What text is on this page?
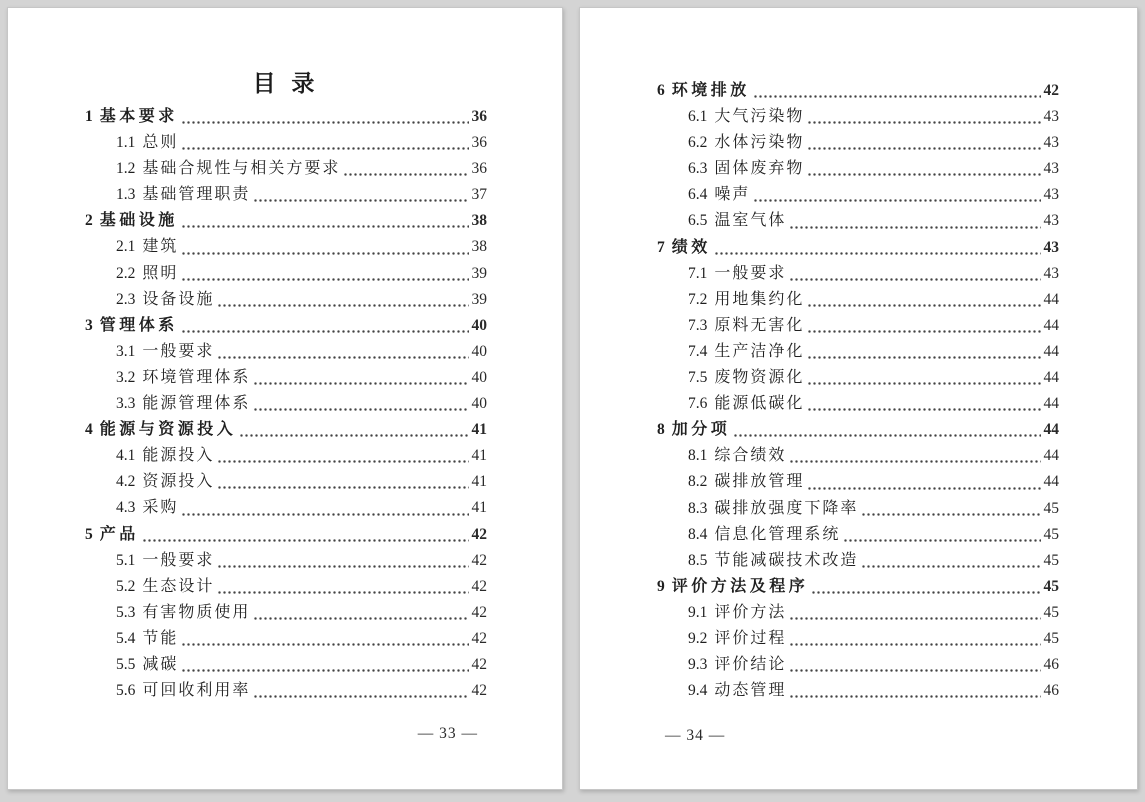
目 录
1 基本要求	36
1.1 总则	36
1.2 基础合规性与相关方要求	36
1.3 基础管理职责	37
2 基础设施	38
2.1 建筑	38
2.2 照明	39
2.3 设备设施	39
3 管理体系	40
3.1 一般要求	40
3.2 环境管理体系	40
3.3 能源管理体系	40
4 能源与资源投入	41
4.1 能源投入	41
4.2 资源投入	41
4.3 采购	41
5 产品	42
5.1 一般要求	42
5.2 生态设计	42
5.3 有害物质使用	42
5.4 节能	42
5.5 减碳	42
5.6 可回收利用率	42
— 33 —
6 环境排放	42
6.1 大气污染物	43
6.2 水体污染物	43
6.3 固体废弃物	43
6.4 噪声	43
6.5 温室气体	43
7 绩效	43
7.1 一般要求	43
7.2 用地集约化	44
7.3 原料无害化	44
7.4 生产洁净化	44
7.5 废物资源化	44
7.6 能源低碳化	44
8 加分项	44
8.1 综合绩效	44
8.2 碳排放管理	44
8.3 碳排放强度下降率	45
8.4 信息化管理系统	45
8.5 节能减碳技术改造	45
9 评价方法及程序	45
9.1 评价方法	45
9.2 评价过程	45
9.3 评价结论	46
9.4 动态管理	46
— 34 —
